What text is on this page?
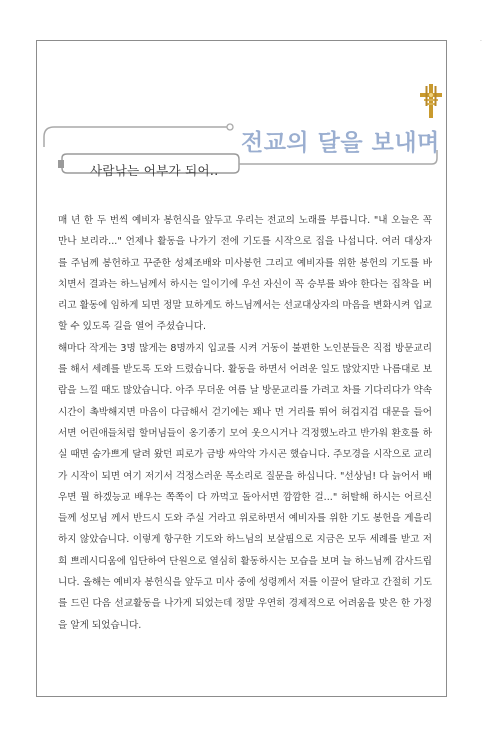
·
전교의 달을 보내며
사람낚는 어부가 되어..

매 년 한 두 번씩 예비자 봉헌식을 앞두고 우리는 전교의 노래를 부릅니다. "내 오늘은 꼭 만나 보리라..." 언제나 활동을 나가기 전에 기도를 시작으로 집을 나섭니다. 여러 대상자를 주님께 봉헌하고 꾸준한 성체조배와 미사봉헌 그리고 예비자를 위한 봉헌의 기도를 바치면서 결과는 하느님께서 하시는 일이기에 우선 자신이 꼭 승부를 봐야 한다는 집착을 버리고 활동에 임하게 되면 정말 묘하게도 하느님께서는 선교대상자의 마음을 변화시켜 입교할 수 있도록 길을 열어 주셨습니다.

해마다 작게는 3명 많게는 8명까지 입교를 시켜 거동이 불편한 노인분들은 직접 방문교리를 해서 세례를 받도록 도와 드렸습니다. 활동을 하면서 어려운 일도 많았지만 나름대로 보람을 느낄 때도 많았습니다. 아주 무더운 여름 날 방문교리를 가려고 차를 기다리다가 약속시간이 촉박해지면 마음이 다급해서 걷기에는 꽤나 먼 거리를 뛰어 허겁지겁 대문을 들어서면 어린애들처럼 할머님들이 옹기종기 모여 웃으시거나 걱정했노라고 반가워 환호를 하실 때면 숨가쁘게 달려 왔던 피로가 금방 싸악악 가시곤 했습니다. 주모경을 시작으로 교리가 시작이 되면 여기 저기서 걱정스러운 목소리로 질문을 하십니다. "선상님! 다 늙어서 배우면 뭘 하겠능교 배우는 쪽쪽이 다 까먹고 돌아서면 깜깜한 걸..." 허탈해 하시는 어르신들께 성모님 께서 반드시 도와 주실 거라고 위로하면서 예비자를 위한 기도 봉헌을 게을리 하지 않았습니다. 이렇게 항구한 기도와 하느님의 보살핌으로 지금은 모두 세례를 받고 저희 쁘레시디움에 입단하여 단원으로 열심히 활동하시는 모습을 보며 늘 하느님께 감사드립니다. 올해는 예비자 봉헌식을 앞두고 미사 중에 성령께서 저를 이끌어 달라고 간절히 기도를 드린 다음 선교활동을 나가게 되었는데 정말 우연히 경제적으로 어려움을 맞은 한 가정을 알게 되었습니다.
